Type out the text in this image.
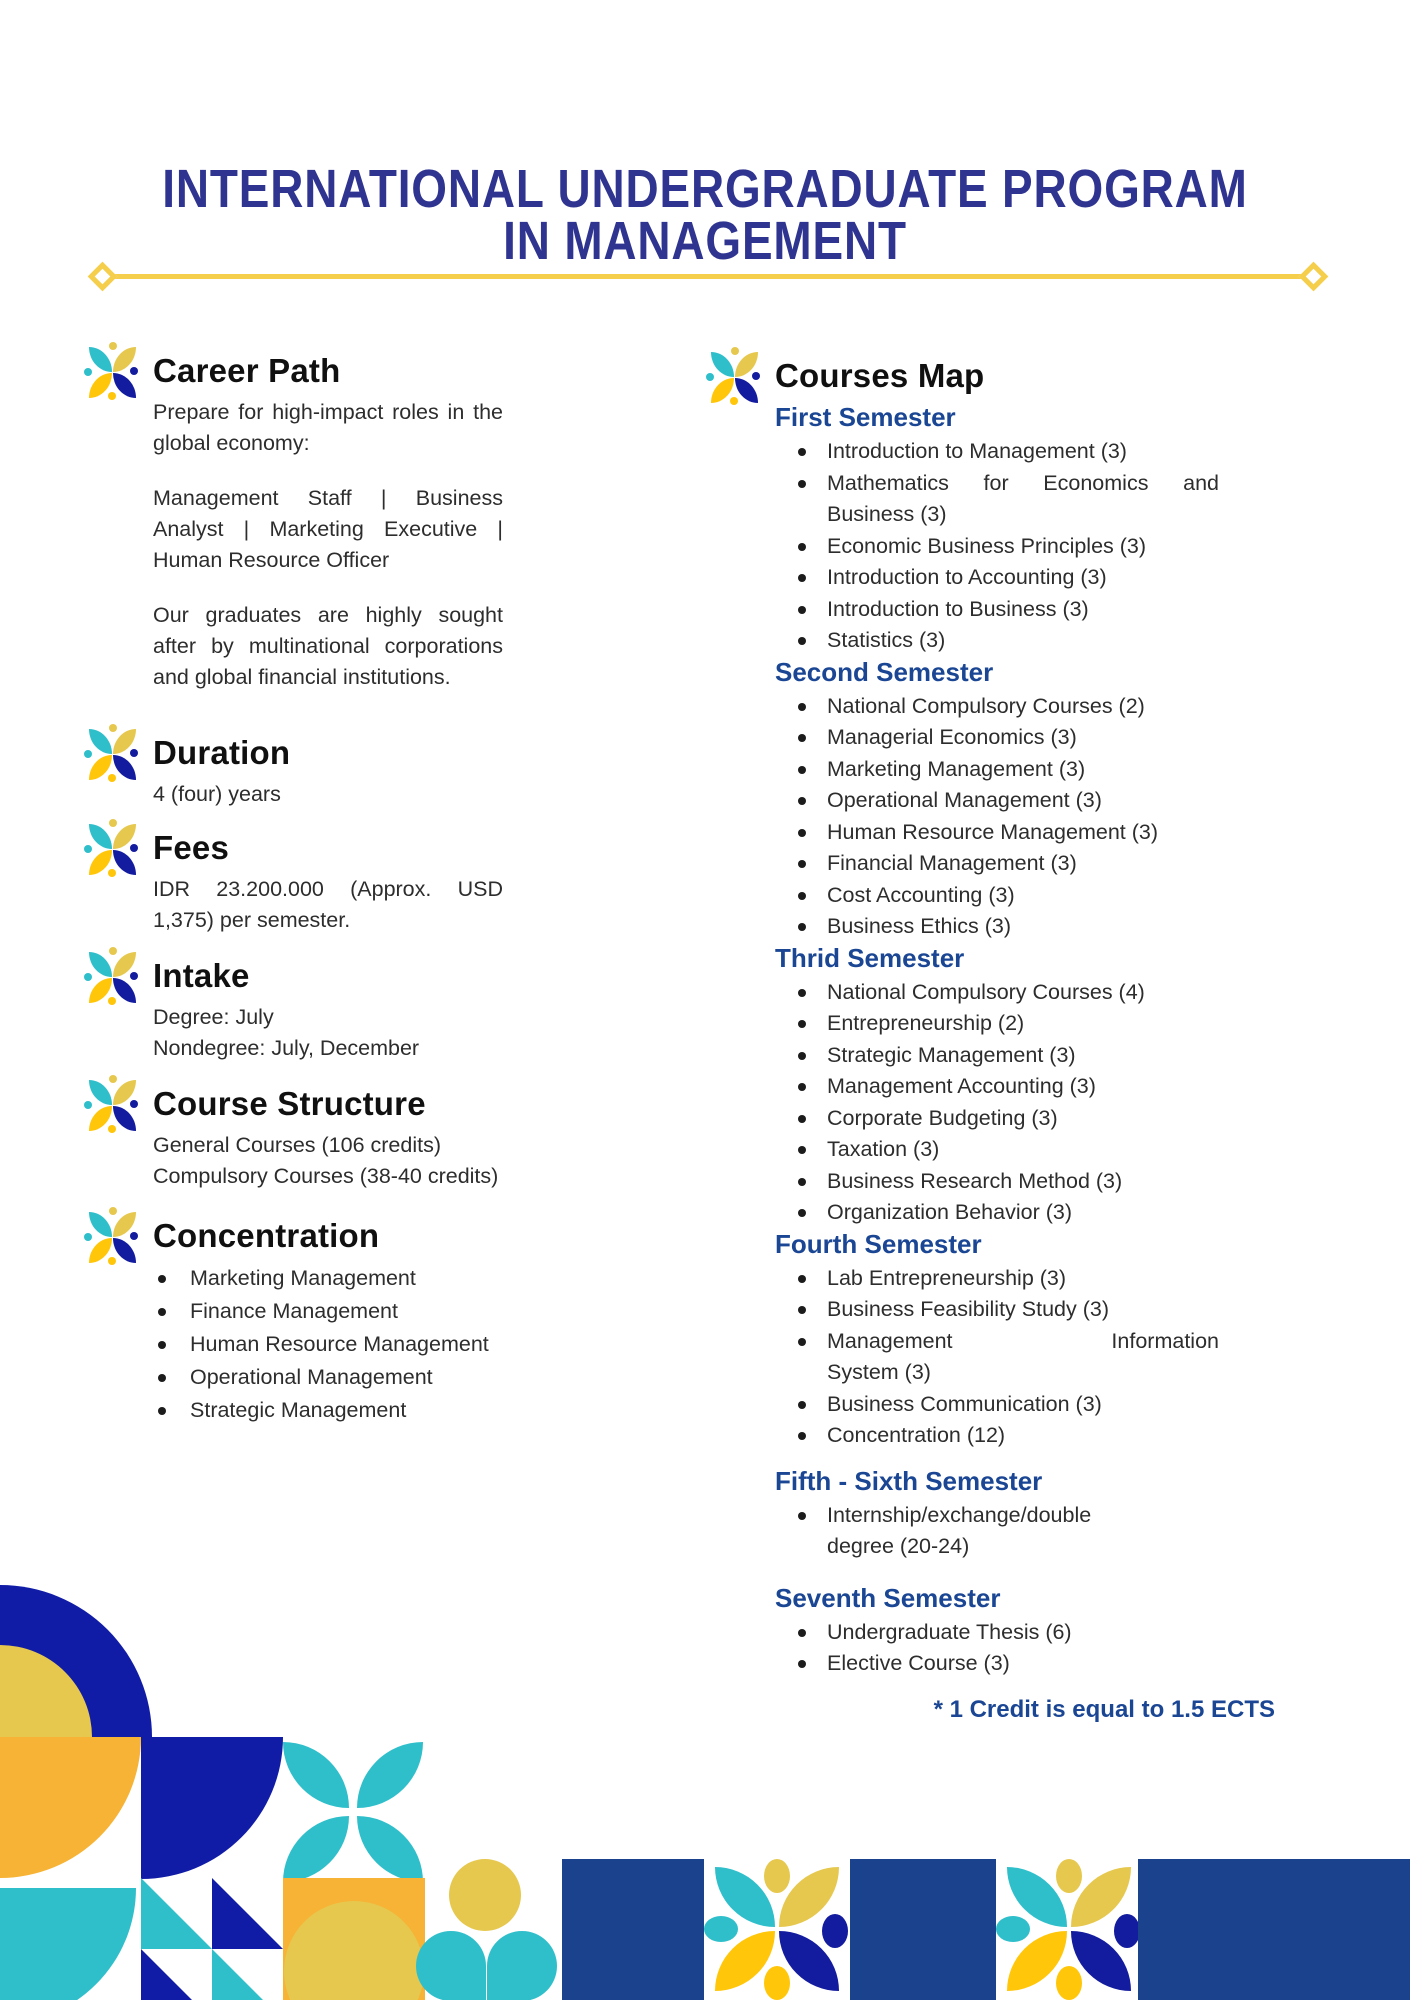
INTERNATIONAL UNDERGRADUATE PROGRAM
IN MANAGEMENT
Career Path
Prepare for high-impact roles in the global economy:
Management Staff | Business Analyst | Marketing Executive | Human Resource Officer
Our graduates are highly sought after by multinational corporations and global financial institutions.
Duration
4 (four) years
Fees
IDR 23.200.000 (Approx. USD 1,375) per semester.
Intake
Degree: July
Nondegree: July, December
Course Structure
General Courses (106 credits)
Compulsory Courses (38-40 credits)
Concentration
Marketing Management
Finance Management
Human Resource Management
Operational Management
Strategic Management
Courses Map
First Semester
Introduction to Management (3)
Mathematics for Economics and Business (3)
Economic Business Principles (3)
Introduction to Accounting (3)
Introduction to Business (3)
Statistics (3)
Second Semester
National Compulsory Courses (2)
Managerial Economics (3)
Marketing Management (3)
Operational Management (3)
Human Resource Management (3)
Financial Management (3)
Cost Accounting (3)
Business Ethics (3)
Thrid Semester
National Compulsory Courses (4)
Entrepreneurship (2)
Strategic Management (3)
Management Accounting (3)
Corporate Budgeting (3)
Taxation (3)
Business Research Method (3)
Organization Behavior (3)
Fourth Semester
Lab Entrepreneurship (3)
Business Feasibility Study (3)
Management Information
System (3)
Business Communication (3)
Concentration (12)
Fifth - Sixth Semester
Internship/exchange/double
degree (20-24)
Seventh Semester
Undergraduate Thesis (6)
Elective Course (3)
* 1 Credit is equal to 1.5 ECTS
